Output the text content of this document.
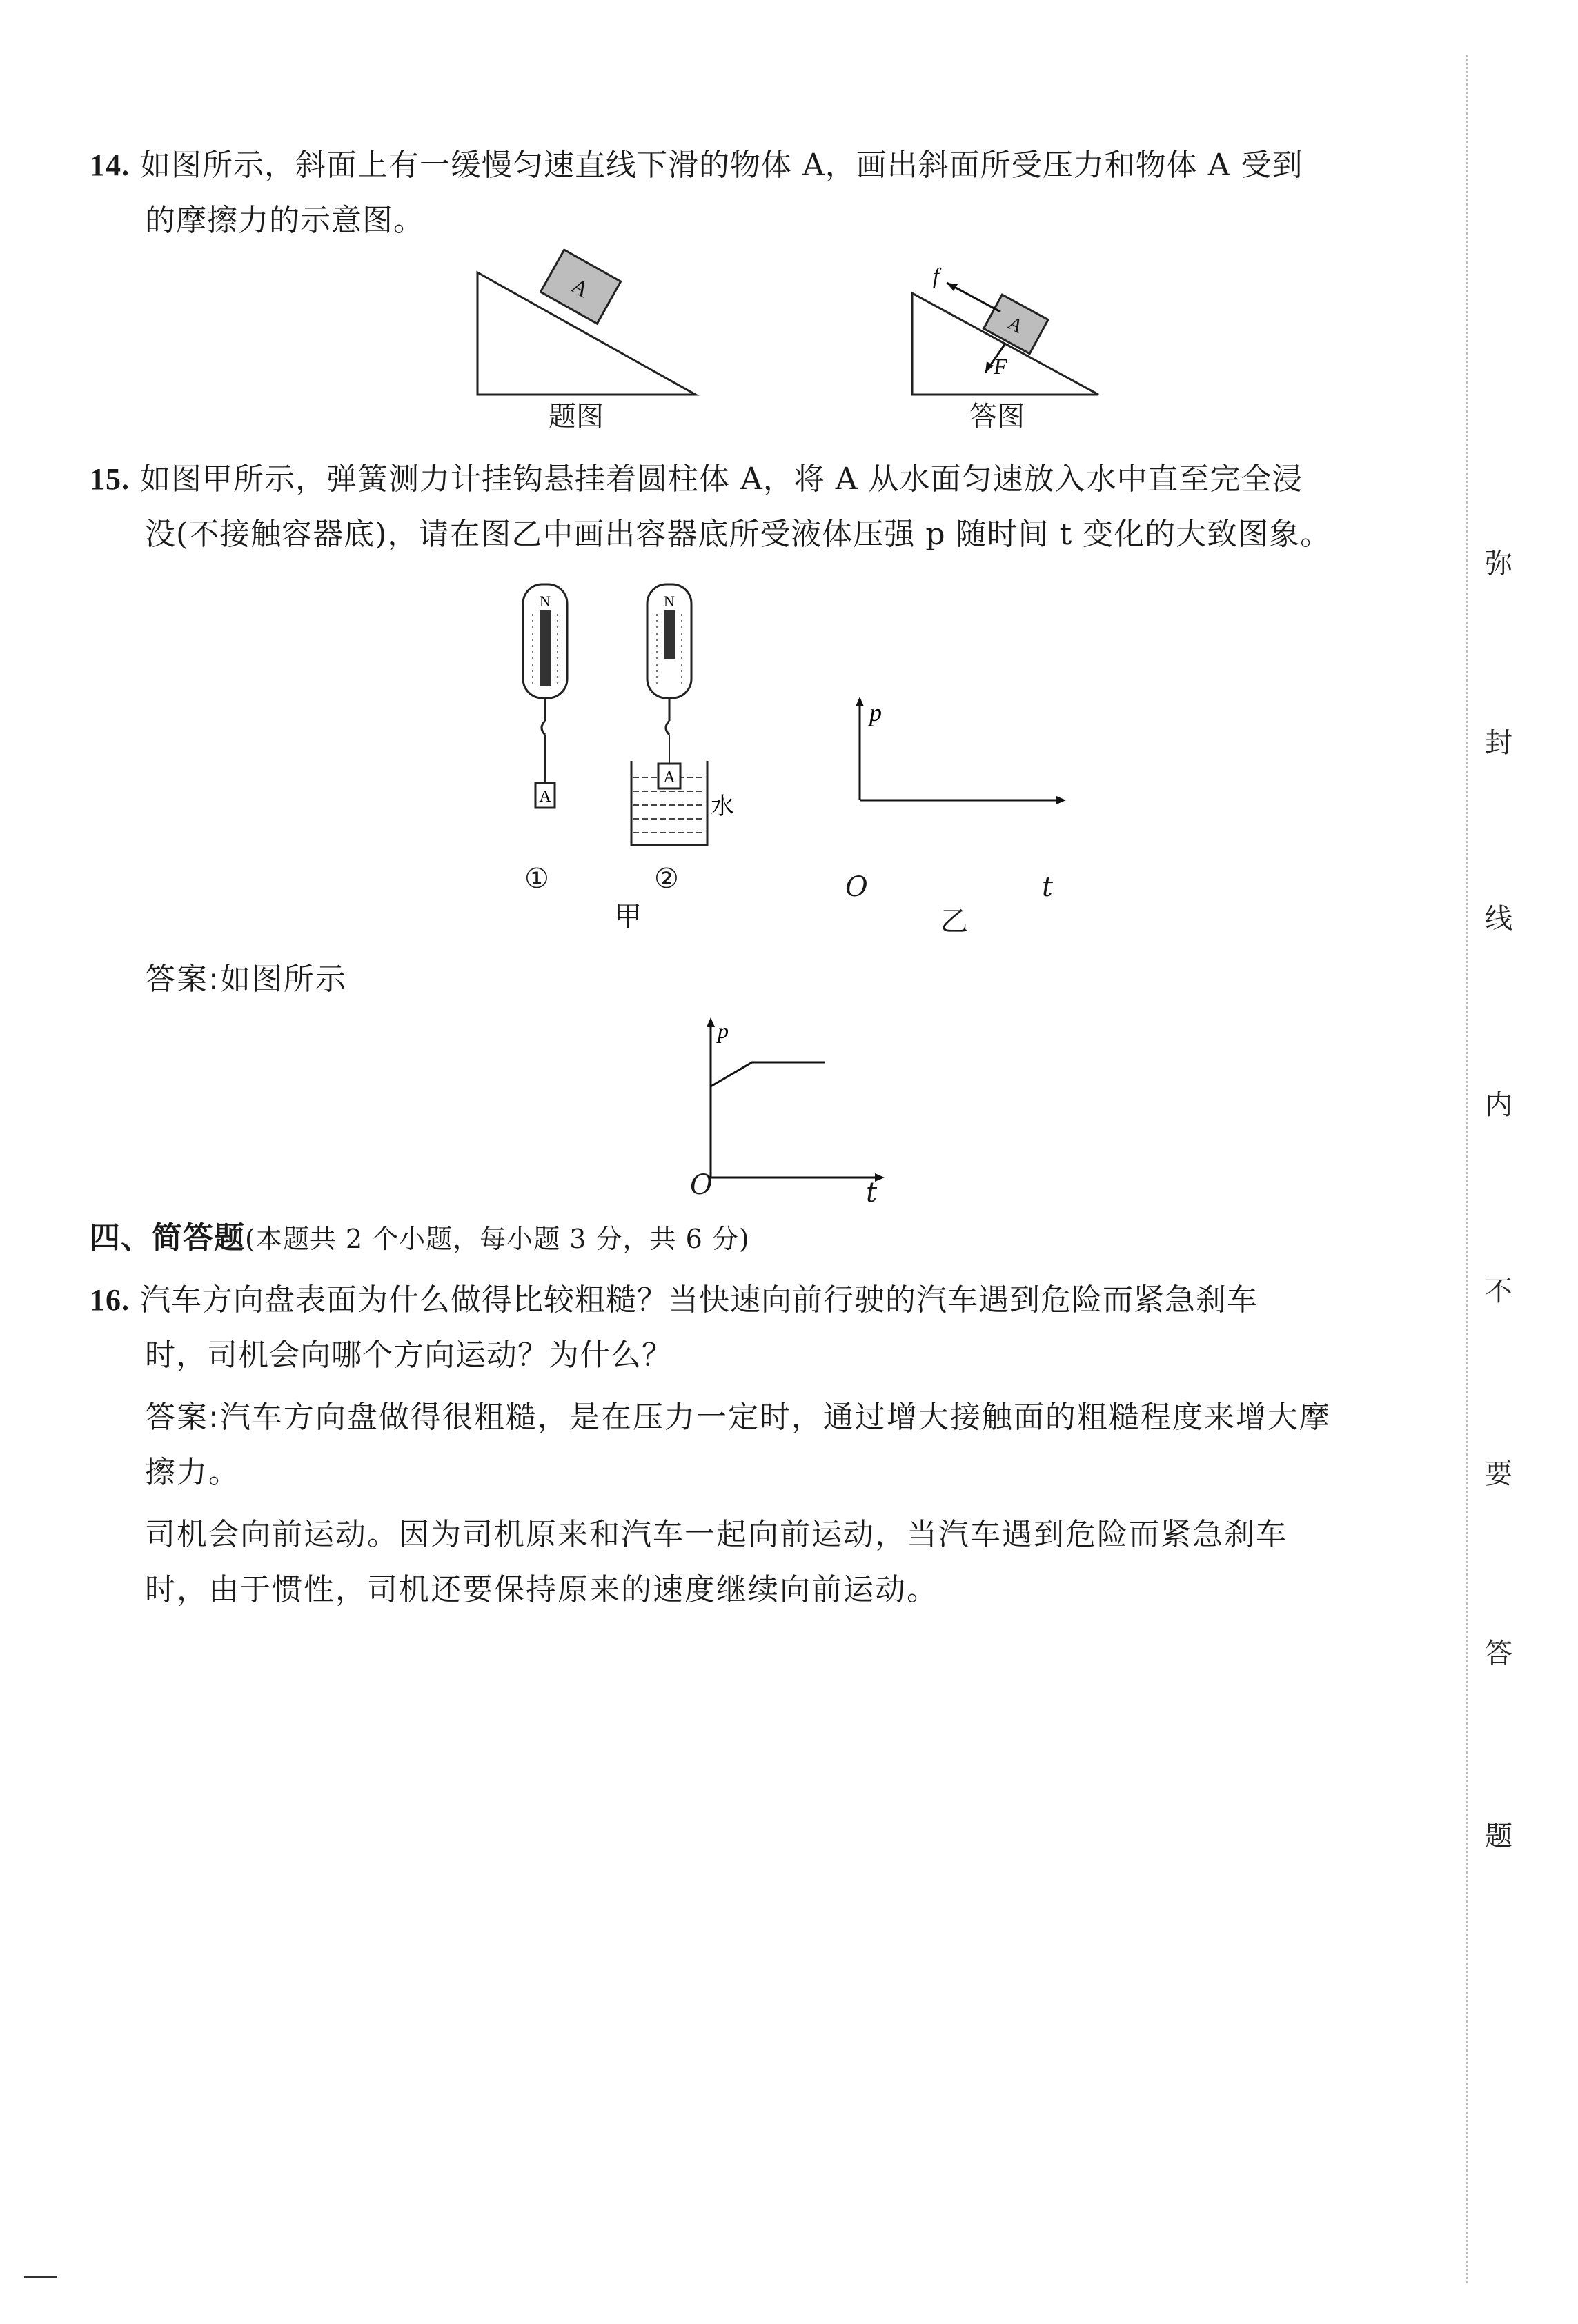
14. 如图所示，斜面上有一缓慢匀速直线下滑的物体 A，画出斜面所受压力和物体 A 受到
的摩擦力的示意图。
A
题图
A
f
F
答图
15. 如图甲所示，弹簧测力计挂钩悬挂着圆柱体 A，将 A 从水面匀速放入水中直至完全浸
没(不接触容器底)，请在图乙中画出容器底所受液体压强 p 随时间 t 变化的大致图象。
N
A
N
A
水
①	②
甲
p
O	t
乙
答案:如图所示
p
O	t
四、简答题(本题共 2 个小题，每小题 3 分，共 6 分)
16. 汽车方向盘表面为什么做得比较粗糙？当快速向前行驶的汽车遇到危险而紧急刹车
时，司机会向哪个方向运动？为什么？
答案:汽车方向盘做得很粗糙，是在压力一定时，通过增大接触面的粗糙程度来增大摩
擦力。
司机会向前运动。因为司机原来和汽车一起向前运动，当汽车遇到危险而紧急刹车
时，由于惯性，司机还要保持原来的速度继续向前运动。
弥
封
线
内
不
要
答
题
